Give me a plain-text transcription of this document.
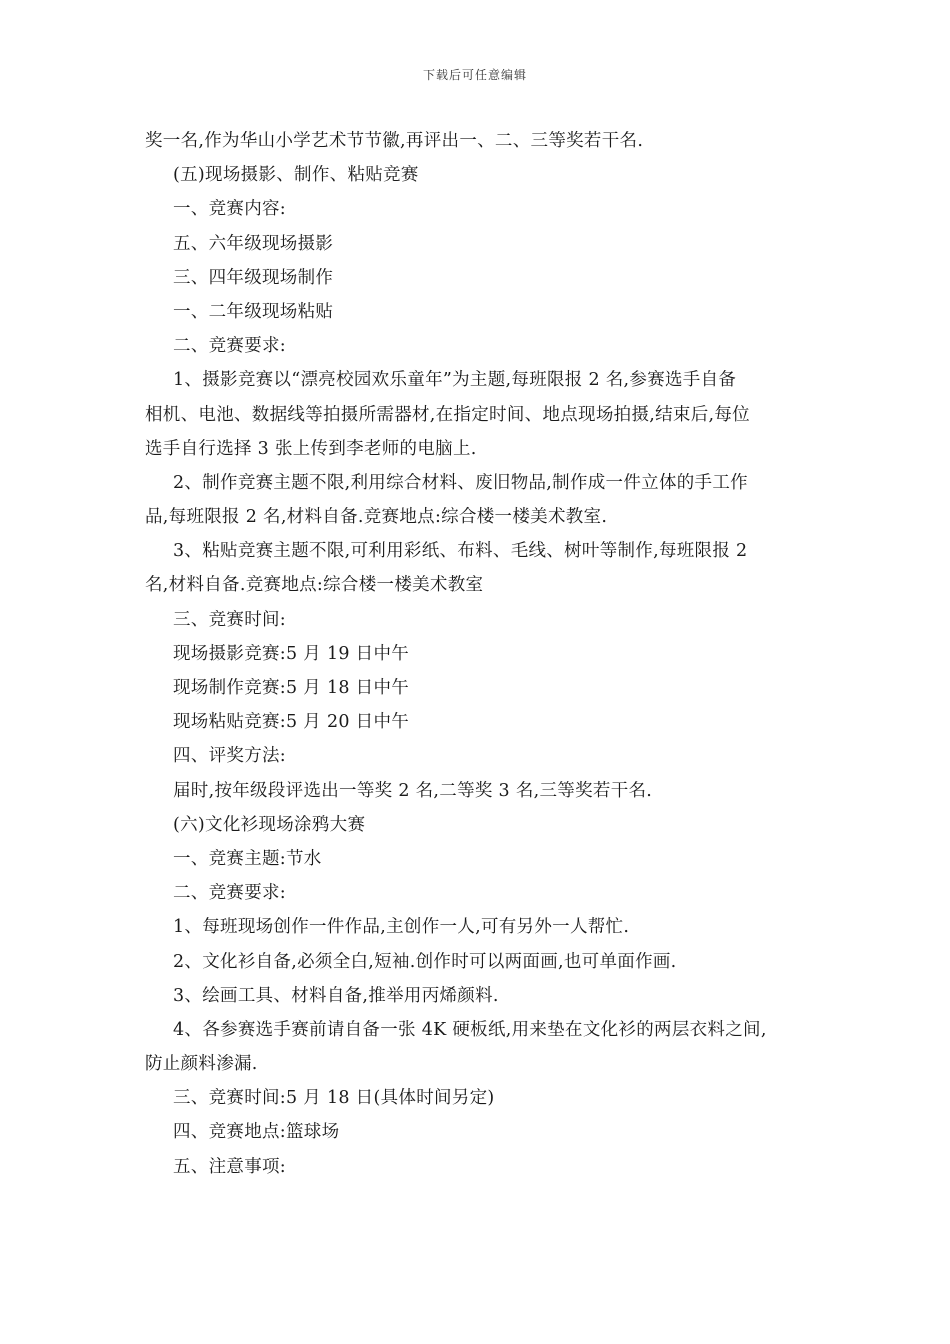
下载后可任意编辑
奖一名,作为华山小学艺术节节徽,再评出一、二、三等奖若干名.
(五)现场摄影、制作、粘贴竞赛
一、竞赛内容:
五、六年级现场摄影
三、四年级现场制作
一、二年级现场粘贴
二、竞赛要求:
1、摄影竞赛以“漂亮校园欢乐童年”为主题,每班限报 2 名,参赛选手自备
相机、电池、数据线等拍摄所需器材,在指定时间、地点现场拍摄,结束后,每位
选手自行选择 3 张上传到李老师的电脑上.
2、制作竞赛主题不限,利用综合材料、废旧物品,制作成一件立体的手工作
品,每班限报 2 名,材料自备.竞赛地点:综合楼一楼美术教室.
3、粘贴竞赛主题不限,可利用彩纸、布料、毛线、树叶等制作,每班限报 2
名,材料自备.竞赛地点:综合楼一楼美术教室
三、竞赛时间:
现场摄影竞赛:5 月 19 日中午
现场制作竞赛:5 月 18 日中午
现场粘贴竞赛:5 月 20 日中午
四、评奖方法:
届时,按年级段评选出一等奖 2 名,二等奖 3 名,三等奖若干名.
(六)文化衫现场涂鸦大赛
一、竞赛主题:节水
二、竞赛要求:
1、每班现场创作一件作品,主创作一人,可有另外一人帮忙.
2、文化衫自备,必须全白,短袖.创作时可以两面画,也可单面作画.
3、绘画工具、材料自备,推举用丙烯颜料.
4、各参赛选手赛前请自备一张 4K 硬板纸,用来垫在文化衫的两层衣料之间,
防止颜料渗漏.
三、竞赛时间:5 月 18 日(具体时间另定)
四、竞赛地点:篮球场
五、注意事项:
